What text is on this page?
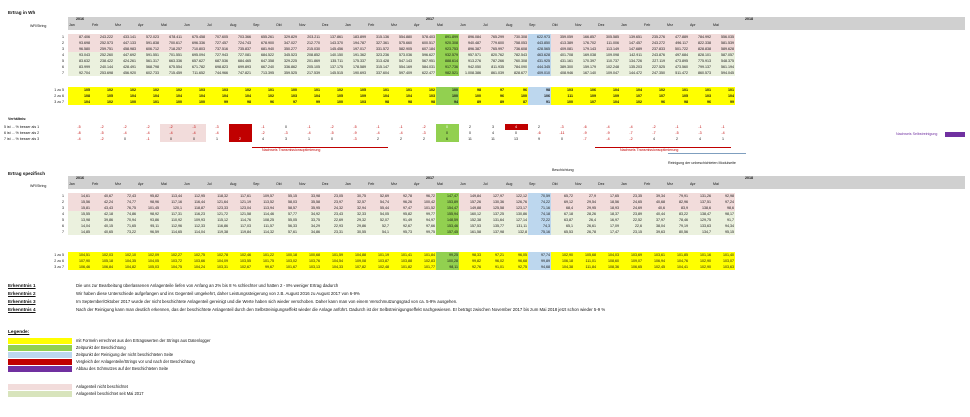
Ertrag in Wh
WR/String
2016	2017	2018
Jan	Feb	Mrz	Apr	Mai	Jun	Jul	Aug	Sep	Okt	Nov	Dez	Jan	Feb	Mrz	Apr	Mai	Jun	Jul	Aug	Sep	Okt	Nov	Dez	Jan	Feb	Mrz	Apr	Mai
1	87.406	243.222	433.141	572.023	678.411	675.458	707.605	703.366	655.261	329.829	203.211	137.861	183.899	315.136	554.880	578.403	891.899	896.084	765.299	730.308	622.973	359.059	166.857	305.585	139.651	235.276	477.889	784.992	556.035
2	93.698	252.573	447.133	591.838	700.617	696.336	727.457	724.743	678.900	347.027	212.770	143.370	194.787	327.361	575.660	600.517	920.308	940.487	779.600	758.053	443.850	413.389	176.702	111.006	147.457	243.272	496.117	822.338	581.539
3	96.580	259.751	458.983	606.712	718.257	710.803	737.516	735.837	681.940	350.277	215.030	145.456	197.017	331.572	582.905	607.184	923.753	896.387	765.997	736.608	428.565	409.081	179.143	113.149	147.689	237.833	501.722	828.838	589.628
4	93.043	252.260	447.692	591.551	701.551	695.094	727.943	727.081	684.522	345.523	208.852	140.150	191.362	323.236	573.036	596.627	932.579	957.571	820.762	782.543	463.628	401.708	169.038	109.098	142.911	243.876	497.684	828.101	587.057
5	83.632	238.422	424.261	561.317	663.336	657.627	687.536	684.465	647.358	329.225	201.869	135.711	175.337	313.428	547.143	567.951	888.614	913.276	787.266	760.308	431.925	431.161	170.397	110.737	134.726	227.119	473.895	775.913	548.375
6	83.999	240.144	428.491	568.798	675.554	671.782	698.823	699.893	667.240	336.862	205.105	137.175	178.589	315.147	554.169	584.031	917.736	942.050	811.935	784.090	444.345	389.300	159.179	102.248	135.203	227.525	473.560	799.137	561.194
7	92.704	253.698	456.920	602.733	715.459	711.652	744.966	747.821	713.395	359.525	217.539	145.515	190.693	337.604	597.409	622.477	982.521	1.008.386	861.039	828.677	409.010	408.946	167.140	109.047	144.472	247.350	511.472	860.573	594.045
1 zu 5	105	102	102	102	102	103	103	102	101	100	101	102	105	101	101	102	100	98	97	96	98	103	106	104	104	102	101	101	101
2 zu 6	108	105	104	104	104	104	104	104	102	103	104	105	109	104	104	103	100	100	96	100	106	111	109	109	107	107	105	103	104
3 zu 7	104	102	100	101	100	100	99	98	96	97	99	100	103	98	98	98	94	89	89	87	91	100	107	104	102	96	98	96	99
Verhältnis:
5 ist ... % besser als 1	-5	-2	-2	-2	-2	-3	-3	-2	-1	0	-1	-2	-5	-1	-1	-2	0	2	3	4	2	-3	-6	-4	-4	-2	-1	-1	-1
6 ist ... % besser als 2	-8	-5	-4	-4	-4	-4	-4	-4	-2	-3	-4	-5	-9	-4	-4	-3	0	0	4	0	-6	-11	-9	-9	-7	-7	-5	-3	-4
7 ist ... % besser als 3	-4	-2	0	-1	0	0	1	2	4	3	1	0	-3	2	2	2	6	11	11	13	9	0	-7	-4	-2	4	2	4	1
Nachweis Transmissionsoptimierung	Nachweis Transmissionsoptimierung
Nachweis Selbstreinigung
Reinigung der unbeschichteten Modulseite
Beschichtung
Ertrag spezifisch
WR/String
2016	2017	2018
Jan	Feb	Mrz	Apr	Mai	Jun	Jul	Aug	Sep	Okt	Nov	Dez	Jan	Feb	Mrz	Apr	Mai	Jun	Jul	Aug	Sep	Okt	Nov	Dez	Jan	Feb	Mrz	Apr	Mai
1	14,61	40,67	72,43	95,82	113,44	112,95	118,32	117,61	109,57	55,15	33,98	23,05	30,75	52,69	92,78	96,72	147,47	149,84	127,97	122,12	70,59	65,72	27,9	17,65	23,35	39,34	79,91	131,26	92,98
2	15,56	42,24	74,77	98,96	117,16	116,44	121,64	121,19	113,52	58,03	35,58	23,97	32,57	54,74	96,26	100,42	153,89	157,26	130,36	126,76	74,22	69,12	29,54	18,56	24,65	40,68	82,96	137,51	97,24
3	15,81	43,43	76,75	101,45	120,1	118,87	123,33	123,04	113,94	58,57	35,95	24,32	32,94	55,44	97,47	101,52	154,47	149,88	125,58	123,17	71,16	68,4	29,95	18,93	24,69	40,6	83,9	138,6	98,6
4	15,55	42,18	74,86	98,92	117,31	116,23	121,72	121,58	114,46	57,77	34,92	23,43	32,33	54,05	95,82	99,77	155,94	160,12	137,25	130,86	74,18	67,18	28,26	18,37	23,89	40,44	83,22	138,47	98,17
5	13,98	39,86	70,94	93,86	110,92	109,93	115,12	114,76	108,25	55,05	33,75	22,69	29,32	52,07	91,49	94,97	148,59	152,38	131,64	127,14	72,22	63,87	26,4	16,97	22,52	37,97	78,46	129,75	91,7
6	14,04	40,15	71,65	95,11	112,96	112,33	116,86	117,03	111,57	56,33	34,29	22,93	29,86	52,7	92,67	97,66	153,46	157,53	135,77	131,11	74,3	65,1	26,61	17,09	22,6	38,04	79,19	133,63	94,34
7	14,85	40,65	73,22	96,59	114,65	114,04	119,38	119,84	114,32	57,61	34,86	23,31	30,55	54,1	95,73	99,75	157,45	161,58	137,98	132,8	75,16	65,53	26,78	17,47	23,15	39,63	80,56	134,7	95,15
1 zu 5	104,51	102,03	102,10	102,09	102,27	102,75	102,78	102,46	101,22	100,18	100,68	101,59	104,88	101,19	101,41	101,84	99,25	98,33	97,21	96,05	97,74	102,90	105,68	104,03	103,69	103,61	101,85	101,16	101,40
2 zu 6	107,90	105,18	104,35	104,05	103,72	103,66	104,09	103,55	101,75	103,02	103,76	104,54	109,08	103,87	103,88	102,83	100,28	99,82	96,02	96,68	99,89	106,18	111,01	108,60	109,07	106,94	104,76	102,90	103,07
3 zu 7	106,46	106,84	104,82	105,03	104,75	104,24	103,31	102,67	99,67	101,67	103,13	104,33	107,82	102,48	101,82	101,77	98,11	92,76	91,01	92,75	94,68	104,38	111,84	108,36	106,65	102,45	104,41	102,90	103,63
Erkenntnis 1	Die uns zur Bearbeitung überlassenen Anlagenteile liefen von Anfang an 2% bis 8 % schlechter und hatten 2 - 8% weniger Ertrag dadurch
Erkenntnis 2	Wir haben diese Unterschiede aufgefangen und ins Gegenteil umgekehrt, daher Leistungssteigerung von z.B. August 2016 zu August 2017 von 6-9%
Erkenntnis 3	Im September/Oktober 2017 wurde der nicht beschichtete Anlagenteil gereinigt und die Werte haben sich wieder verschoben. Daher kann man von einem Verschmutzungsgrad von ca. 5-9% ausgehen.
Erkenntnis 4	Nach der Reinigung kann man deutlich erkennen, das der beschichtete Anlagenteil durch den Selbstreinigungseffekt wieder die Anlage anführt. Dadurch ist der Selbstreinigungseffekt nachgewiesen. Er beträgt zwischen November 2017 bis zum Mai 2018 jetzt schon wieder 5-9 %
Legende:
mit Formeln errechnet aus den Ertragswerten der Strings aus Datenlogger
Zeitpunkt der Beschichtung
Zeitpunkt der Reinigung der nicht beschichteten Seite
Vergleich der Anlagenteile/Strings vor und nach der Beschichtung
Abbau des Schmutzes auf der Beschichteten Seite
Anlagenteil nicht beschichtet
Anlagenteil beschichtet seit Mai 2017
